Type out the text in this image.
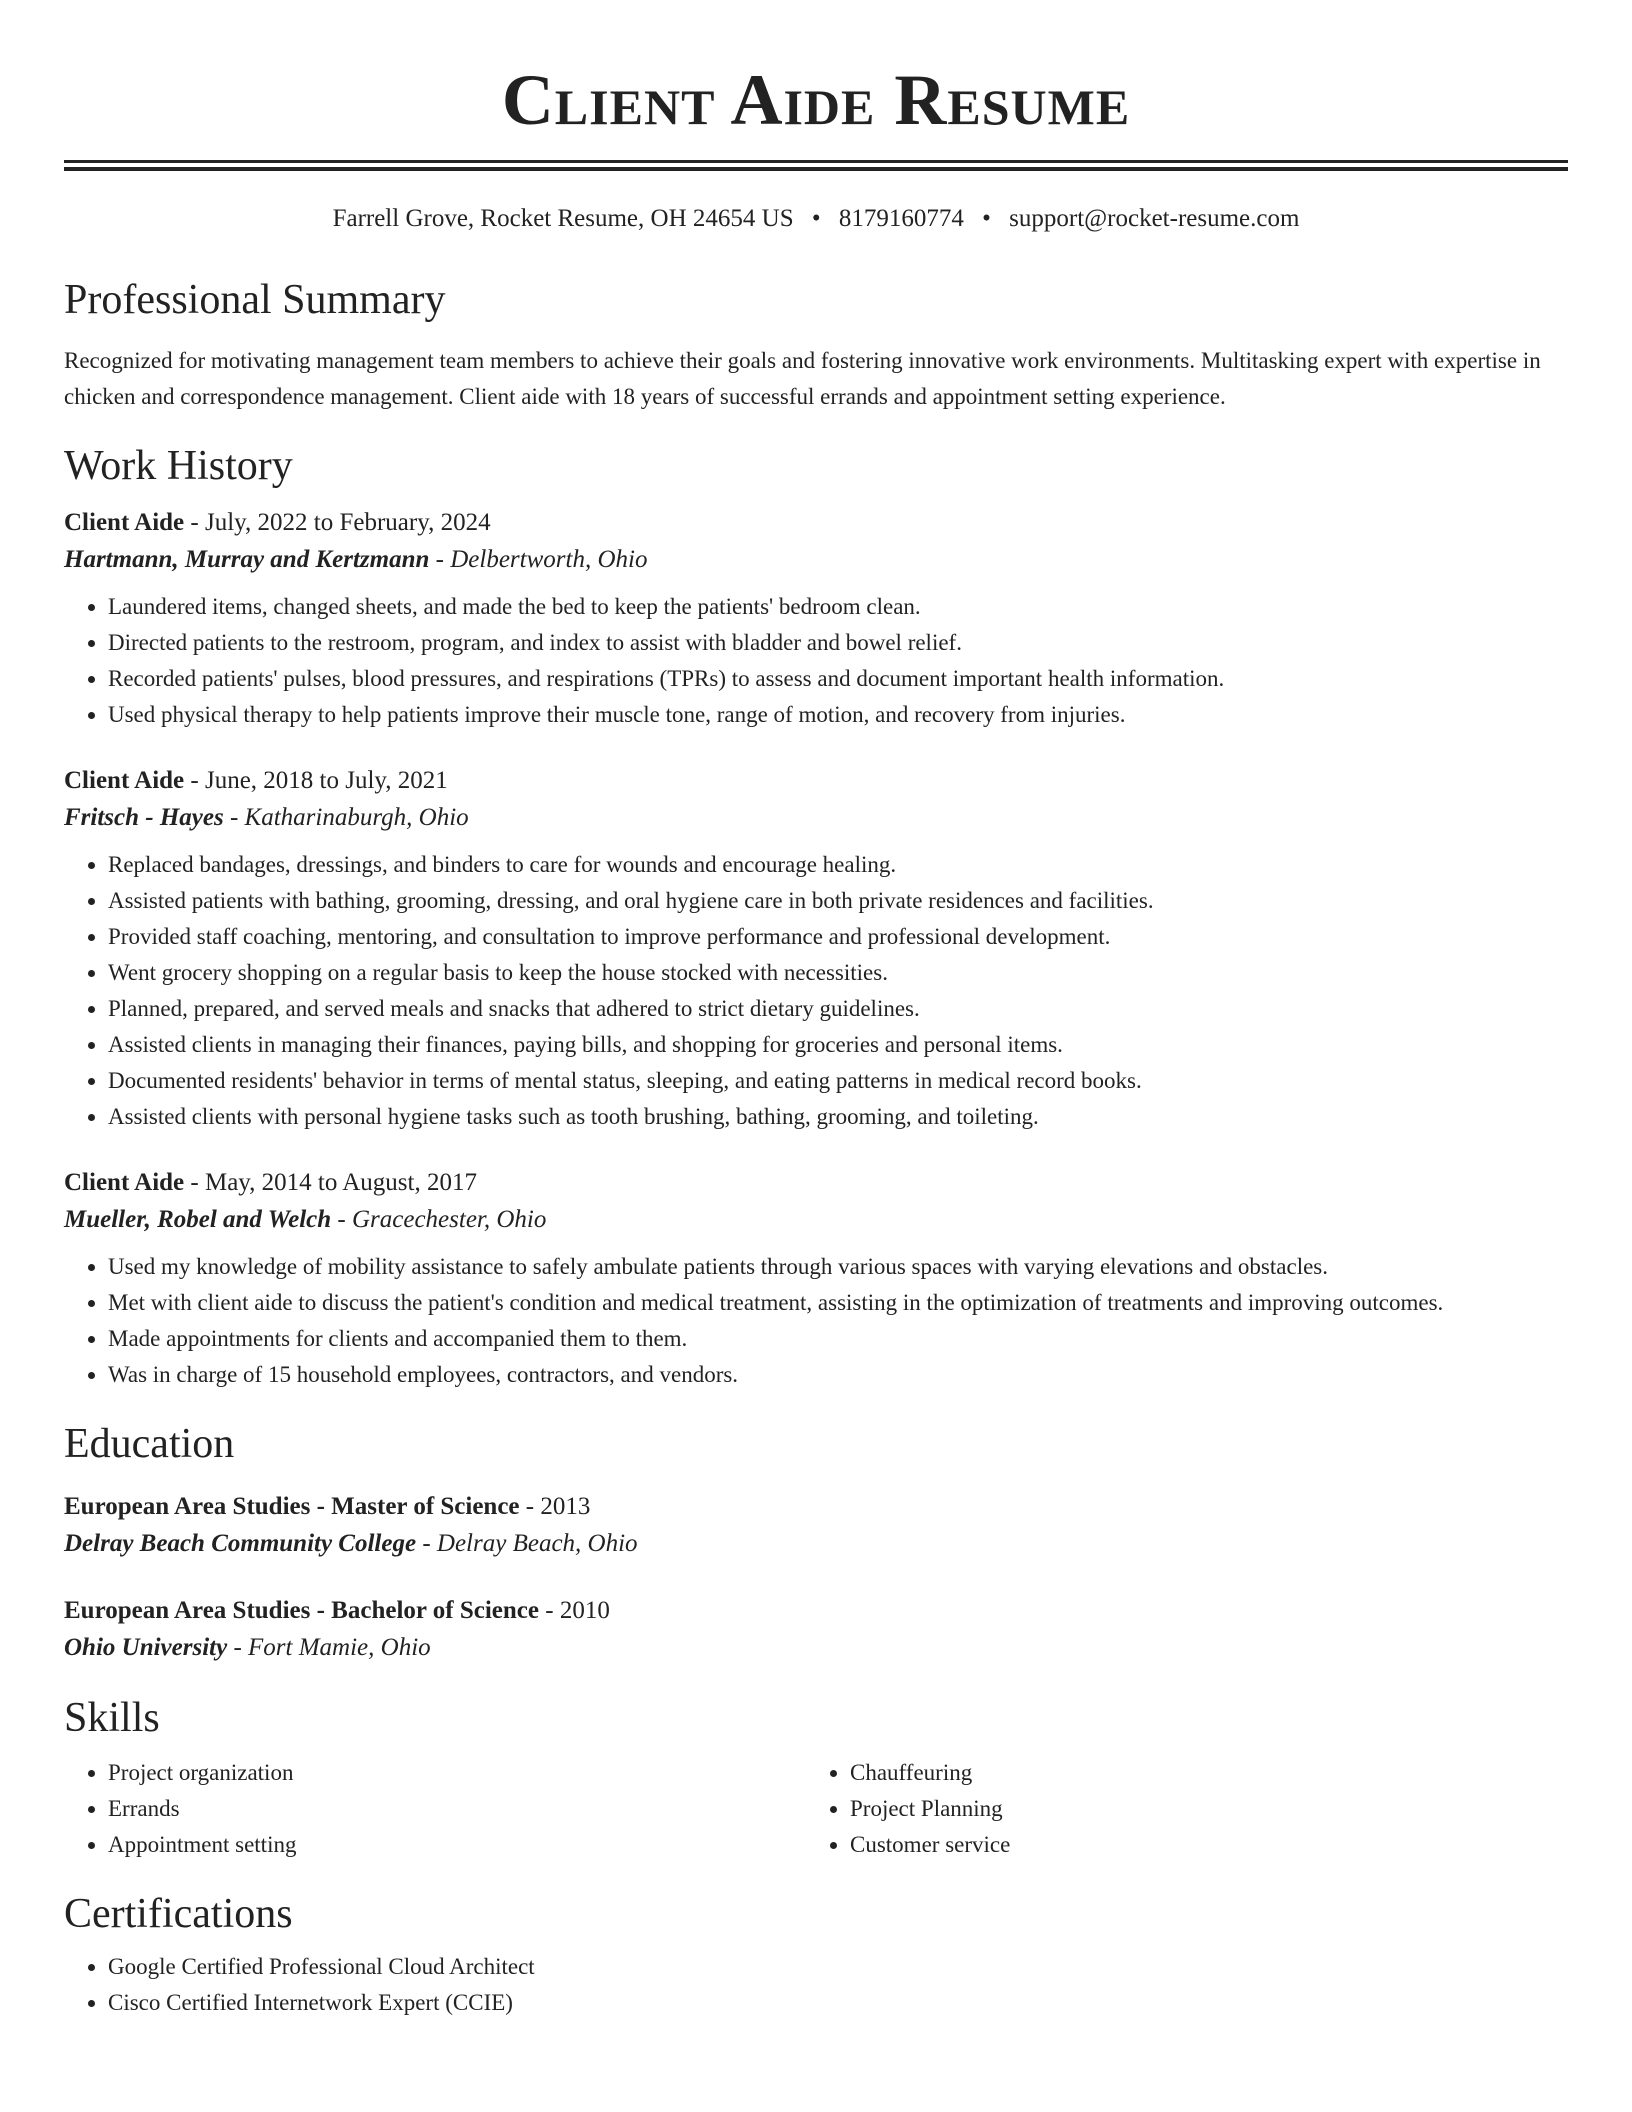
Client Aide Resume
Farrell Grove, Rocket Resume, OH 24654 US • 8179160774 • support@rocket-resume.com
Professional Summary

Recognized for motivating management team members to achieve their goals and fostering innovative work environments. Multitasking expert with expertise in chicken and correspondence management. Client aide with 18 years of successful errands and appointment setting experience.

Work History
Client Aide - July, 2022 to February, 2024
Hartmann, Murray and Kertzmann - Delbertworth, Ohio
• Laundered items, changed sheets, and made the bed to keep the patients' bedroom clean.
• Directed patients to the restroom, program, and index to assist with bladder and bowel relief.
• Recorded patients' pulses, blood pressures, and respirations (TPRs) to assess and document important health information.
• Used physical therapy to help patients improve their muscle tone, range of motion, and recovery from injuries.
Client Aide - June, 2018 to July, 2021
Fritsch - Hayes - Katharinaburgh, Ohio
• Replaced bandages, dressings, and binders to care for wounds and encourage healing.
• Assisted patients with bathing, grooming, dressing, and oral hygiene care in both private residences and facilities.
• Provided staff coaching, mentoring, and consultation to improve performance and professional development.
• Went grocery shopping on a regular basis to keep the house stocked with necessities.
• Planned, prepared, and served meals and snacks that adhered to strict dietary guidelines.
• Assisted clients in managing their finances, paying bills, and shopping for groceries and personal items.
• Documented residents' behavior in terms of mental status, sleeping, and eating patterns in medical record books.
• Assisted clients with personal hygiene tasks such as tooth brushing, bathing, grooming, and toileting.
Client Aide - May, 2014 to August, 2017
Mueller, Robel and Welch - Gracechester, Ohio
• Used my knowledge of mobility assistance to safely ambulate patients through various spaces with varying elevations and obstacles.
• Met with client aide to discuss the patient's condition and medical treatment, assisting in the optimization of treatments and improving outcomes.
• Made appointments for clients and accompanied them to them.
• Was in charge of 15 household employees, contractors, and vendors.
Education
European Area Studies - Master of Science - 2013
Delray Beach Community College - Delray Beach, Ohio
European Area Studies - Bachelor of Science - 2010
Ohio University - Fort Mamie, Ohio
Skills
• Project organization
• Errands
• Appointment setting
• Chauffeuring
• Project Planning
• Customer service
Certifications
• Google Certified Professional Cloud Architect
• Cisco Certified Internetwork Expert (CCIE)
